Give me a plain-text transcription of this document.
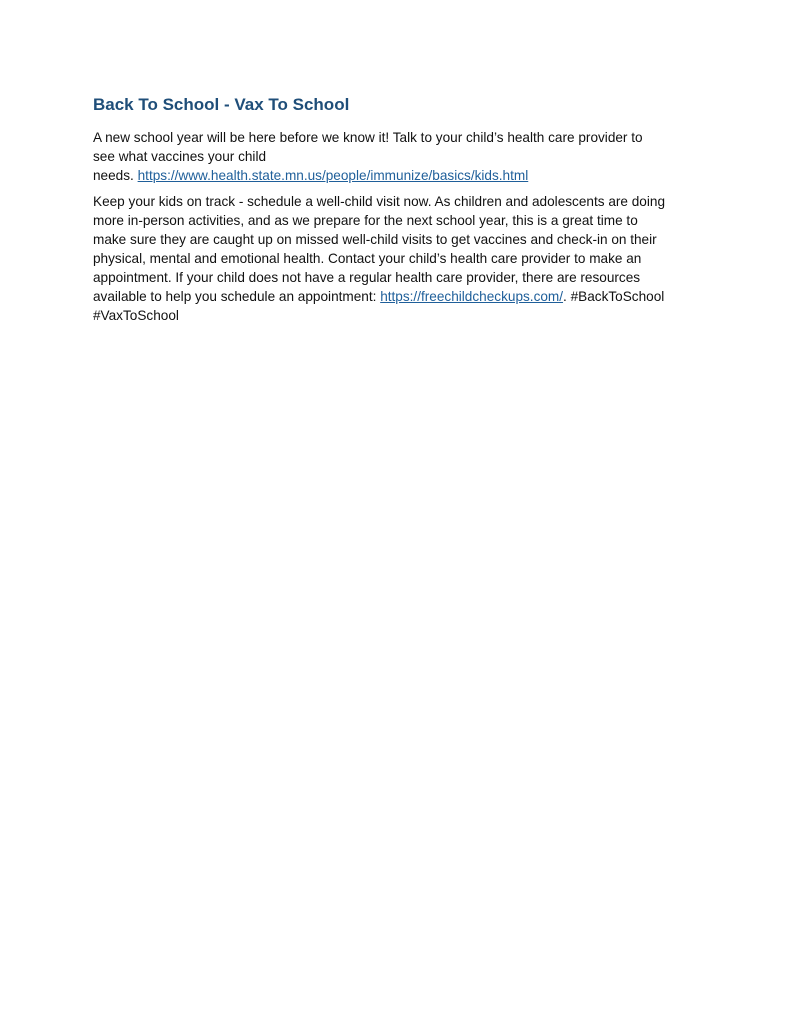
Back To School - Vax To School

A new school year will be here before we know it! Talk to your child’s health care provider to
see what vaccines your child
needs. https://www.health.state.mn.us/people/immunize/basics/kids.html

Keep your kids on track - schedule a well-child visit now. As children and adolescents are doing
more in-person activities, and as we prepare for the next school year, this is a great time to
make sure they are caught up on missed well-child visits to get vaccines and check-in on their
physical, mental and emotional health. Contact your child’s health care provider to make an
appointment. If your child does not have a regular health care provider, there are resources
available to help you schedule an appointment: https://freechildcheckups.com/. #BackToSchool
#VaxToSchool
